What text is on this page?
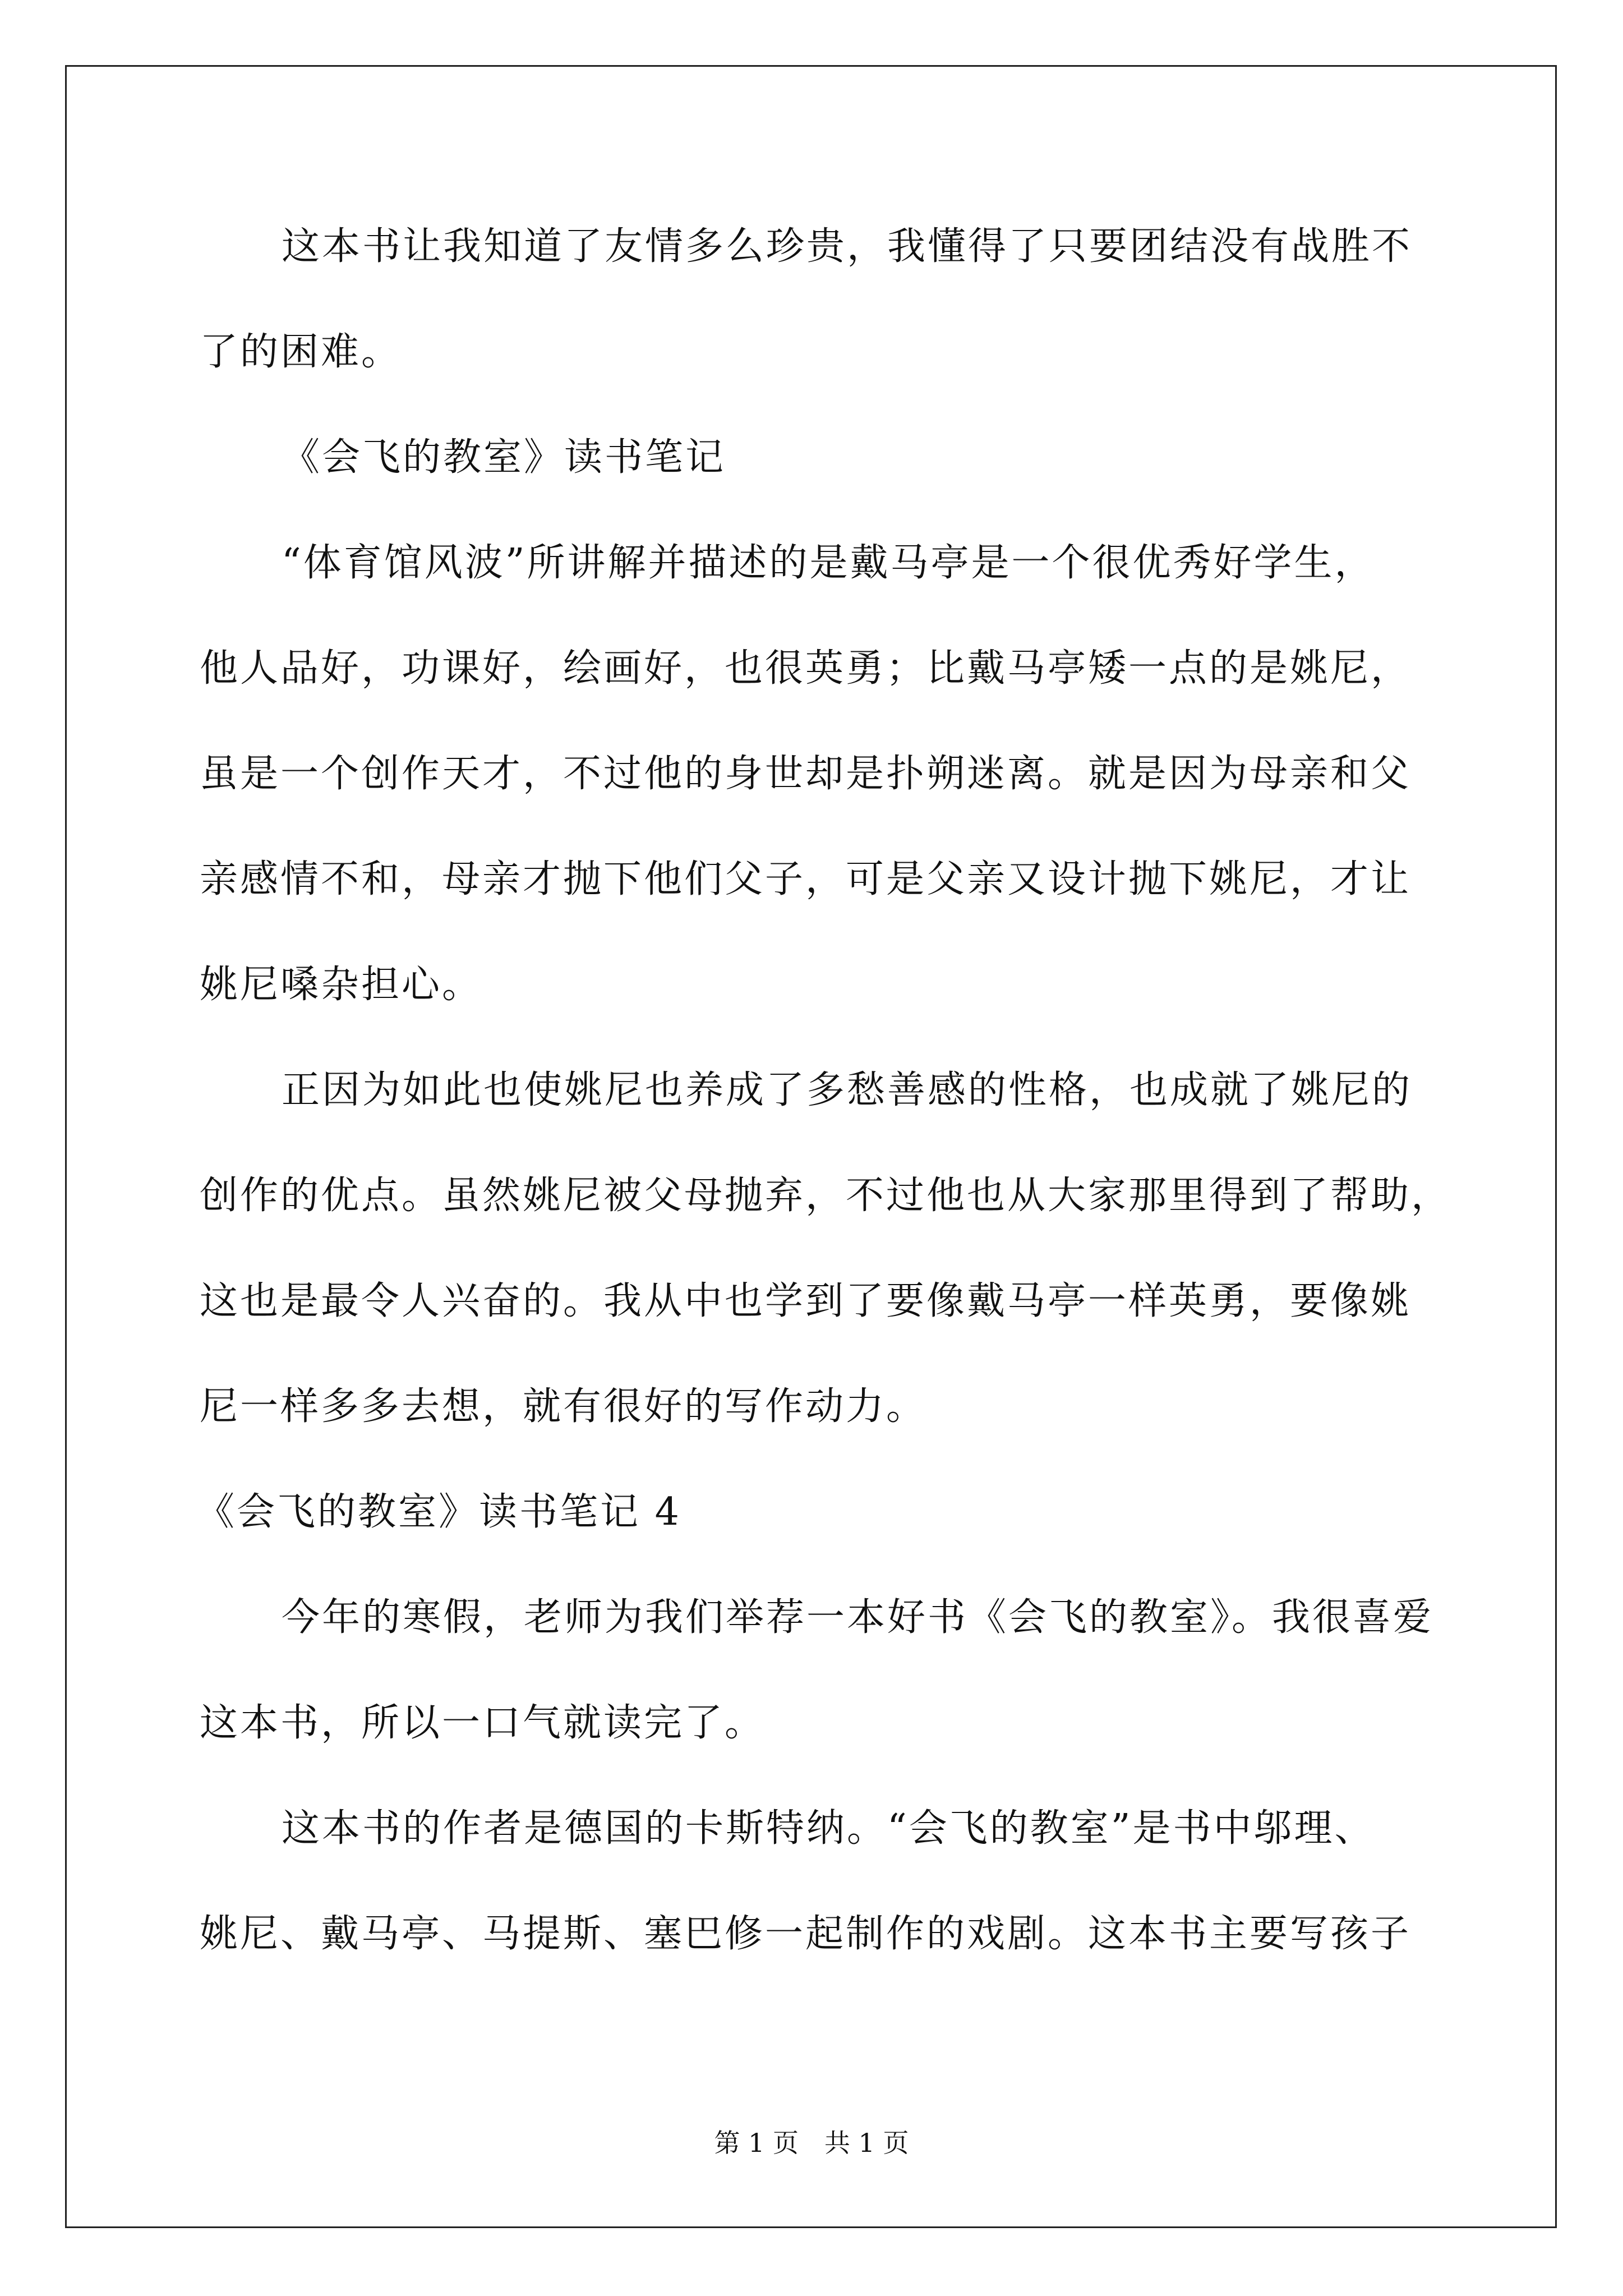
这本书让我知道了友情多么珍贵，我懂得了只要团结没有战胜不
了的困难。
《会飞的教室》读书笔记
“体育馆风波”所讲解并描述的是戴马亭是一个很优秀好学生，
他人品好，功课好，绘画好，也很英勇；比戴马亭矮一点的是姚尼，
虽是一个创作天才，不过他的身世却是扑朔迷离。就是因为母亲和父
亲感情不和，母亲才抛下他们父子，可是父亲又设计抛下姚尼，才让
姚尼嗓杂担心。
正因为如此也使姚尼也养成了多愁善感的性格，也成就了姚尼的
创作的优点。虽然姚尼被父母抛弃，不过他也从大家那里得到了帮助，
这也是最令人兴奋的。我从中也学到了要像戴马亭一样英勇，要像姚
尼一样多多去想，就有很好的写作动力。
《会飞的教室》读书笔记 4
今年的寒假，老师为我们举荐一本好书《会飞的教室》。我很喜爱
这本书，所以一口气就读完了。
这本书的作者是德国的卡斯特纳。“会飞的教室”是书中邬理、
姚尼、戴马亭、马提斯、塞巴修一起制作的戏剧。这本书主要写孩子
第 1 页　共 1 页
